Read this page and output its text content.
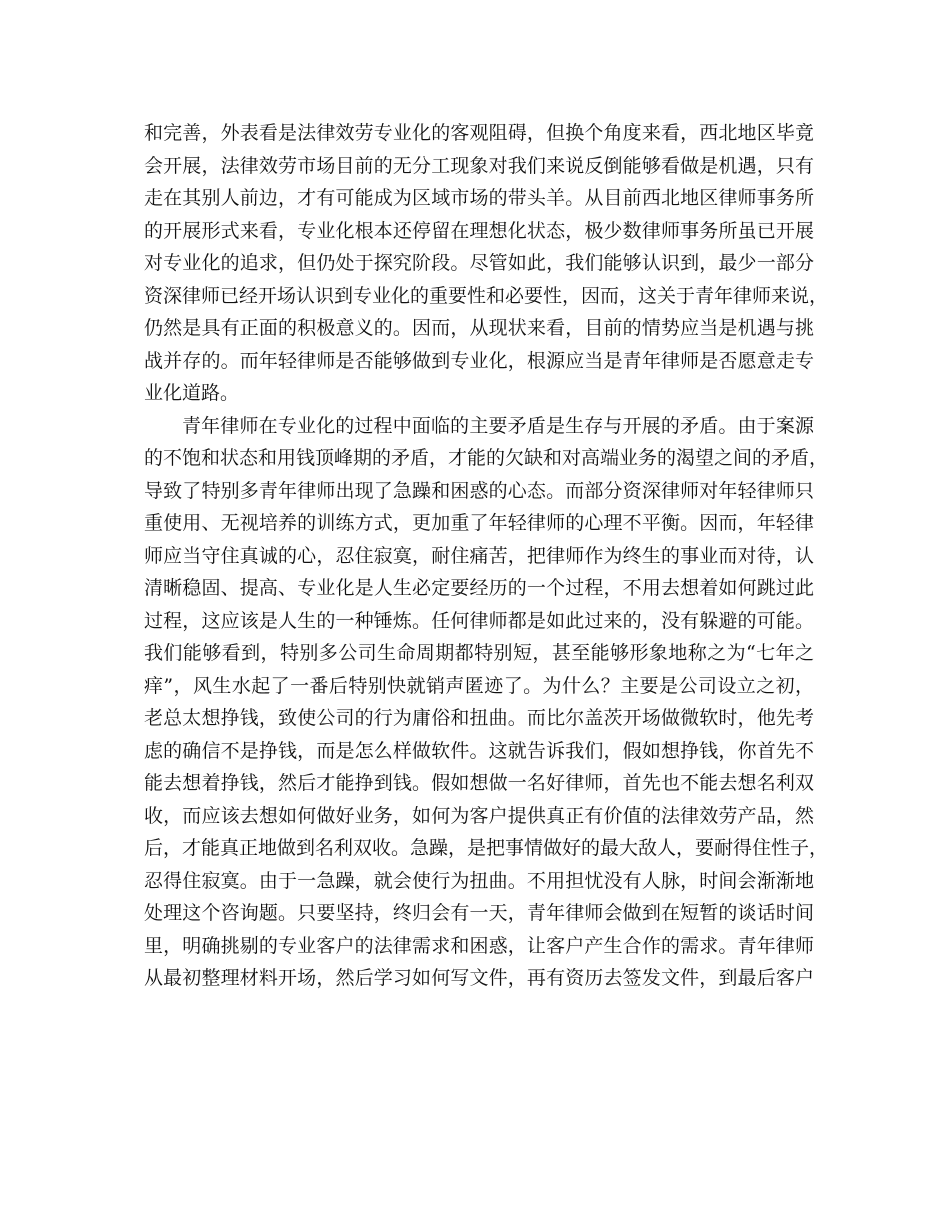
和完善，外表看是法律效劳专业化的客观阻碍，但换个角度来看，西北地区毕竟
会开展，法律效劳市场目前的无分工现象对我们来说反倒能够看做是机遇，只有
走在其别人前边，才有可能成为区域市场的带头羊。从目前西北地区律师事务所
的开展形式来看，专业化根本还停留在理想化状态，极少数律师事务所虽已开展
对专业化的追求，但仍处于探究阶段。尽管如此，我们能够认识到，最少一部分
资深律师已经开场认识到专业化的重要性和必要性，因而，这关于青年律师来说，
仍然是具有正面的积极意义的。因而，从现状来看，目前的情势应当是机遇与挑
战并存的。而年轻律师是否能够做到专业化，根源应当是青年律师是否愿意走专
业化道路。
青年律师在专业化的过程中面临的主要矛盾是生存与开展的矛盾。由于案源
的不饱和状态和用钱顶峰期的矛盾，才能的欠缺和对高端业务的渴望之间的矛盾，
导致了特别多青年律师出现了急躁和困惑的心态。而部分资深律师对年轻律师只
重使用、无视培养的训练方式，更加重了年轻律师的心理不平衡。因而，年轻律
师应当守住真诚的心，忍住寂寞，耐住痛苦，把律师作为终生的事业而对待，认
清晰稳固、提高、专业化是人生必定要经历的一个过程，不用去想着如何跳过此
过程，这应该是人生的一种锤炼。任何律师都是如此过来的，没有躲避的可能。
我们能够看到，特别多公司生命周期都特别短，甚至能够形象地称之为“七年之
痒”，风生水起了一番后特别快就销声匿迹了。为什么？主要是公司设立之初，
老总太想挣钱，致使公司的行为庸俗和扭曲。而比尔盖茨开场做微软时，他先考
虑的确信不是挣钱，而是怎么样做软件。这就告诉我们，假如想挣钱，你首先不
能去想着挣钱，然后才能挣到钱。假如想做一名好律师，首先也不能去想名利双
收，而应该去想如何做好业务，如何为客户提供真正有价值的法律效劳产品，然
后，才能真正地做到名利双收。急躁，是把事情做好的最大敌人，要耐得住性子，
忍得住寂寞。由于一急躁，就会使行为扭曲。不用担忧没有人脉，时间会渐渐地
处理这个咨询题。只要坚持，终归会有一天，青年律师会做到在短暂的谈话时间
里，明确挑剔的专业客户的法律需求和困惑，让客户产生合作的需求。青年律师
从最初整理材料开场，然后学习如何写文件，再有资历去签发文件，到最后客户
